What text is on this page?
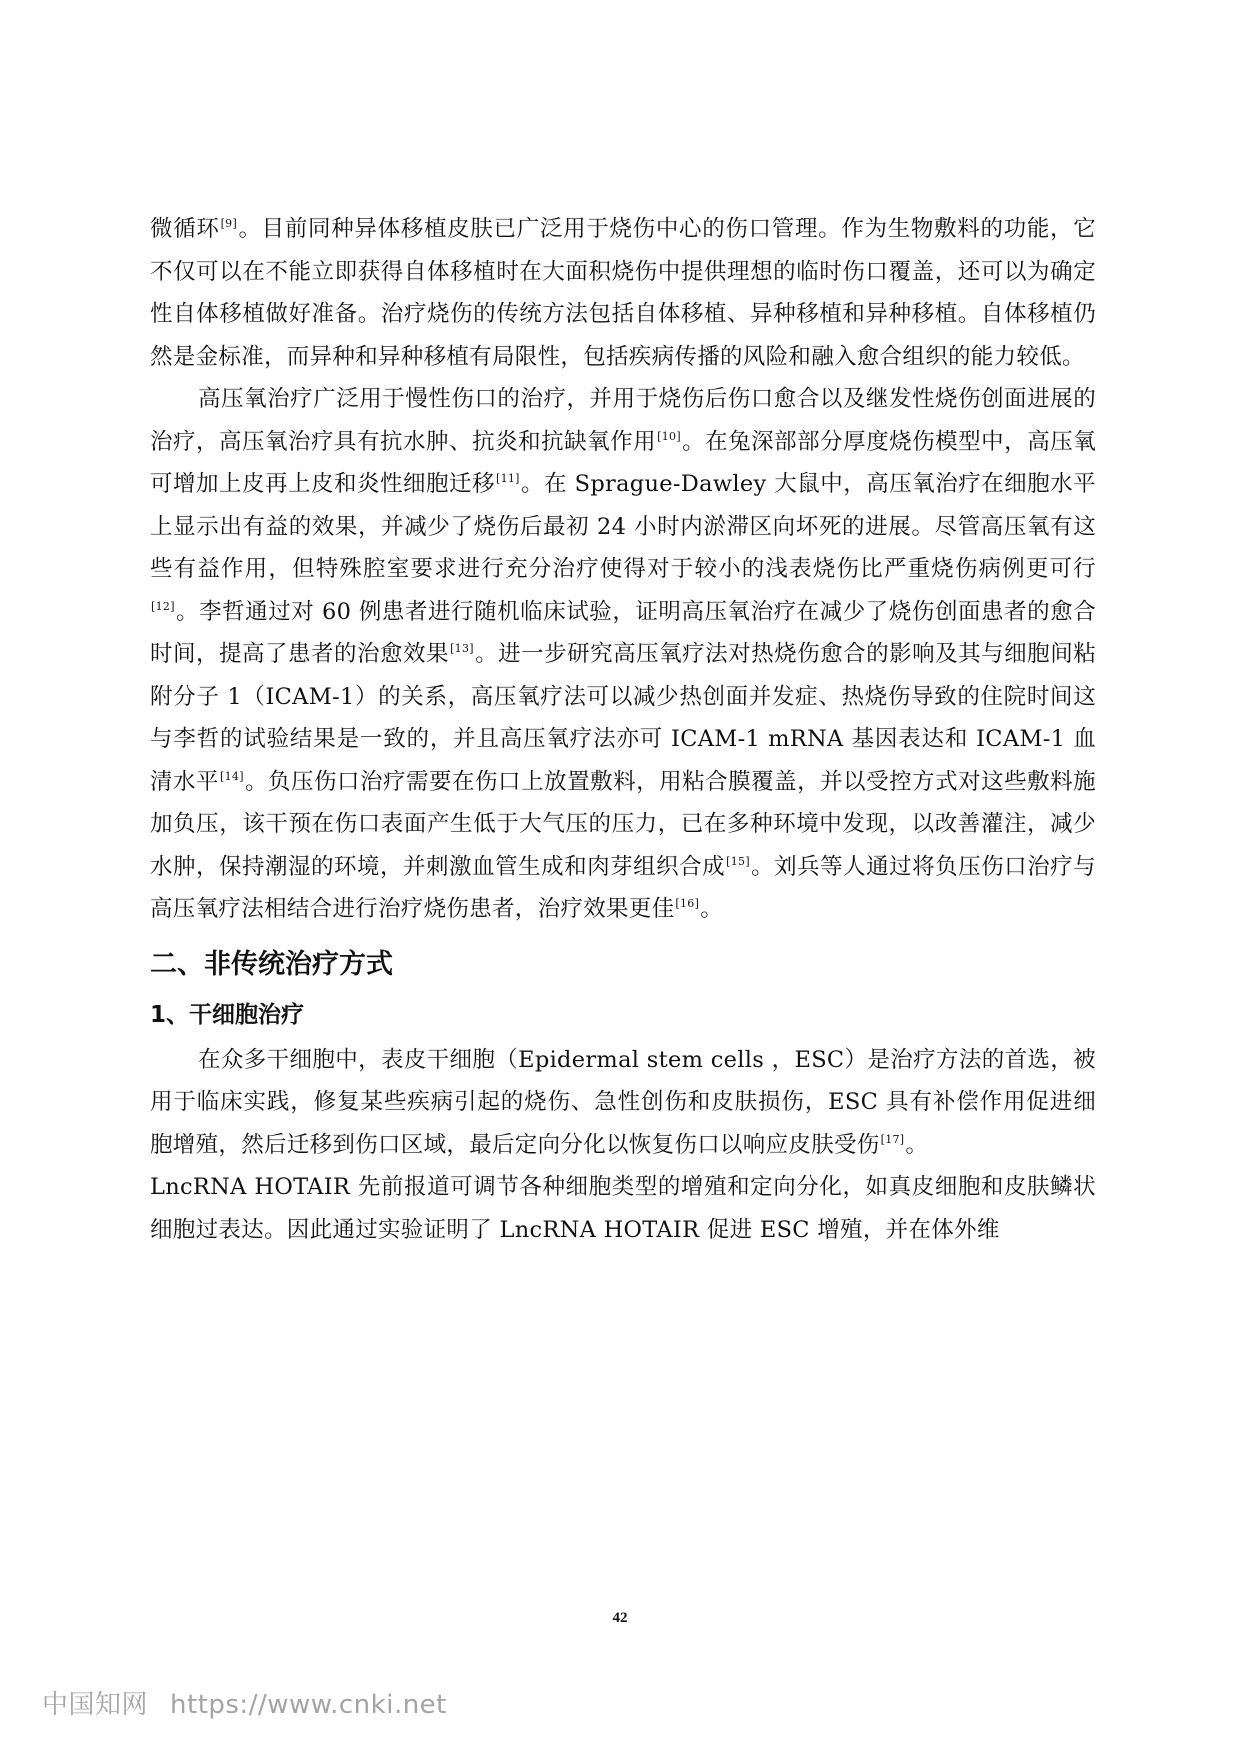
微循环[9]。目前同种异体移植皮肤已广泛用于烧伤中心的伤口管理。作为生物敷料的功能，它不仅可以在不能立即获得自体移植时在大面积烧伤中提供理想的临时伤口覆盖，还可以为确定性自体移植做好准备。治疗烧伤的传统方法包括自体移植、异种移植和异种移植。自体移植仍然是金标准，而异种和异种移植有局限性，包括疾病传播的风险和融入愈合组织的能力较低。

高压氧治疗广泛用于慢性伤口的治疗，并用于烧伤后伤口愈合以及继发性烧伤创面进展的治疗，高压氧治疗具有抗水肿、抗炎和抗缺氧作用[10]。在兔深部部分厚度烧伤模型中，高压氧可增加上皮再上皮和炎性细胞迁移[11]。在 Sprague-Dawley 大鼠中，高压氧治疗在细胞水平上显示出有益的效果，并减少了烧伤后最初 24 小时内淤滞区向坏死的进展。尽管高压氧有这些有益作用，但特殊腔室要求进行充分治疗使得对于较小的浅表烧伤比严重烧伤病例更可行[12]。李哲通过对 60 例患者进行随机临床试验，证明高压氧治疗在减少了烧伤创面患者的愈合时间，提高了患者的治愈效果[13]。进一步研究高压氧疗法对热烧伤愈合的影响及其与细胞间粘附分子 1（ICAM-1）的关系，高压氧疗法可以减少热创面并发症、热烧伤导致的住院时间这与李哲的试验结果是一致的，并且高压氧疗法亦可 ICAM-1 mRNA 基因表达和 ICAM-1 血清水平[14]。负压伤口治疗需要在伤口上放置敷料，用粘合膜覆盖，并以受控方式对这些敷料施加负压，该干预在伤口表面产生低于大气压的压力，已在多种环境中发现，以改善灌注，减少水肿，保持潮湿的环境，并刺激血管生成和肉芽组织合成[15]。刘兵等人通过将负压伤口治疗与高压氧疗法相结合进行治疗烧伤患者，治疗效果更佳[16]。

二、非传统治疗方式
1、干细胞治疗

在众多干细胞中，表皮干细胞（Epidermal stem cells ，ESC）是治疗方法的首选，被用于临床实践，修复某些疾病引起的烧伤、急性创伤和皮肤损伤，ESC 具有补偿作用促进细胞增殖，然后迁移到伤口区域，最后定向分化以恢复伤口以响应皮肤受伤[17]。

LncRNA HOTAIR 先前报道可调节各种细胞类型的增殖和定向分化，如真皮细胞和皮肤鳞状细胞过表达。因此通过实验证明了 LncRNA HOTAIR 促进 ESC 增殖，并在体外维

42
中国知网 https://www.cnki.net
